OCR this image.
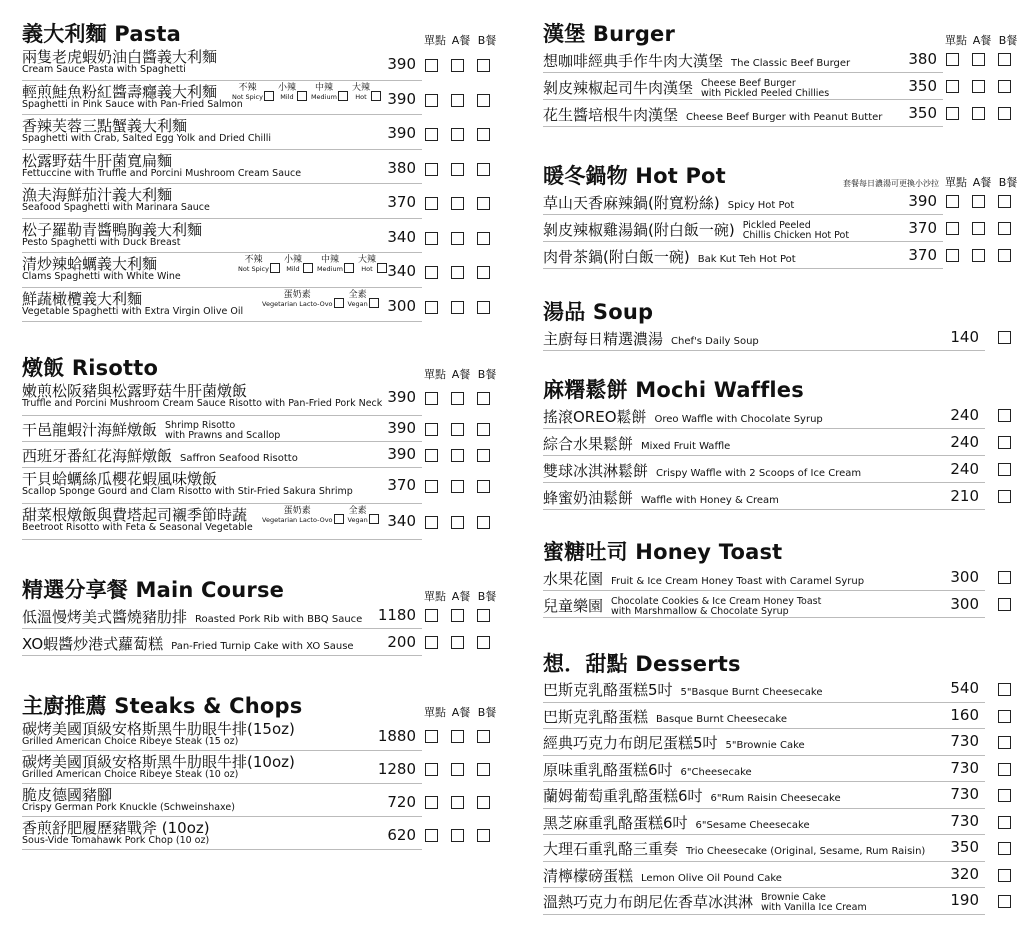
義大利麵 Pasta	單點 A餐 B餐
兩隻老虎蝦奶油白醬義大利麵
Cream Sauce Pasta with Spaghetti	390
輕煎鮭魚粉紅醬壽癮義大利麵
Spaghetti in Pink Sauce with Pan-Fried Salmon	390
不辣
Not Spicy
小辣
Mild
中辣
Medium
大辣
Hot
香辣芙蓉三點蟹義大利麵
Spaghetti with Crab, Salted Egg Yolk and Dried Chilli	390
松露野菇牛肝菌寬扁麵
Fettuccine with Truffle and Porcini Mushroom Cream Sauce	380
漁夫海鮮茄汁義大利麵
Seafood Spaghetti with Marinara Sauce	370
松子羅勒青醬鴨胸義大利麵
Pesto Spaghetti with Duck Breast	340
清炒辣蛤蠣義大利麵
Clams Spaghetti with White Wine	340
不辣
Not Spicy
小辣
Mild
中辣
Medium
大辣
Hot
鮮蔬橄欖義大利麵
Vegetable Spaghetti with Extra Virgin Olive Oil	300
蛋奶素
Vegetarian Lacto-Ovo
全素
Vegan
燉飯 Risotto	單點 A餐 B餐
嫩煎松阪豬與松露野菇牛肝菌燉飯	390
Truffle and Porcini Mushroom Cream Sauce Risotto with Pan-Fried Pork Neck
干邑龍蝦汁海鮮燉飯 Shrimp Risotto
with Prawns and Scallop	390
西班牙番紅花海鮮燉飯 Saffron Seafood Risotto	390
干貝蛤蠣絲瓜櫻花蝦風味燉飯	370
Scallop Sponge Gourd and Clam Risotto with Stir-Fried Sakura Shrimp
甜菜根燉飯與費塔起司襯季節時蔬	340
蛋奶素
Vegetarian Lacto-Ovo
全素
Vegan
Beetroot Risotto with Feta & Seasonal Vegetable
精選分享餐 Main Course	單點 A餐 B餐
低溫慢烤美式醬燒豬肋排 Roasted Pork Rib with BBQ Sauce	1180
XO蝦醬炒港式蘿蔔糕 Pan-Fried Turnip Cake with XO Sause	200
主廚推薦 Steaks & Chops	單點 A餐 B餐
碳烤美國頂級安格斯黑牛肋眼牛排(15oz)
Grilled American Choice Ribeye Steak (15 oz)	1880
碳烤美國頂級安格斯黑牛肋眼牛排(10oz)
Grilled American Choice Ribeye Steak (10 oz)	1280
脆皮德國豬腳
Crispy German Pork Knuckle (Schweinshaxe)	720
香煎舒肥履歷豬戰斧 (10oz)
Sous-Vide Tomahawk Pork Chop (10 oz)	620
漢堡 Burger	單點 A餐 B餐
想咖啡經典手作牛肉大漢堡 The Classic Beef Burger	380
剝皮辣椒起司牛肉漢堡 Cheese Beef Burger
with Pickled Peeled Chillies	350
花生醬培根牛肉漢堡 Cheese Beef Burger with Peanut Butter	350
暖冬鍋物 Hot Pot	套餐每日濃湯可更換小沙拉 單點 A餐 B餐
草山天香麻辣鍋(附寬粉絲) Spicy Hot Pot	390
剝皮辣椒雞湯鍋(附白飯一碗) Pickled Peeled
Chillis Chicken Hot Pot	370
肉骨茶鍋(附白飯一碗) Bak Kut Teh Hot Pot	370
湯品 Soup
主廚每日精選濃湯 Chef's Daily Soup	140
麻糬鬆餅 Mochi Waffles
搖滾OREO鬆餅 Oreo Waffle with Chocolate Syrup	240
綜合水果鬆餅 Mixed Fruit Waffle	240
雙球冰淇淋鬆餅 Crispy Waffle with 2 Scoops of Ice Cream	240
蜂蜜奶油鬆餅 Waffle with Honey & Cream	210
蜜糖吐司 Honey Toast
水果花園 Fruit & Ice Cream Honey Toast with Caramel Syrup	300
兒童樂園 Chocolate Cookies & Ice Cream Honey Toast
with Marshmallow & Chocolate Syrup	300
想．甜點 Desserts
巴斯克乳酪蛋糕5吋 5"Basque Burnt Cheesecake	540
巴斯克乳酪蛋糕 Basque Burnt Cheesecake	160
經典巧克力布朗尼蛋糕5吋 5"Brownie Cake	730
原味重乳酪蛋糕6吋 6"Cheesecake	730
蘭姆葡萄重乳酪蛋糕6吋 6"Rum Raisin Cheesecake	730
黑芝麻重乳酪蛋糕6吋 6"Sesame Cheesecake	730
大理石重乳酪三重奏 Trio Cheesecake (Original, Sesame, Rum Raisin)	350
清檸檬磅蛋糕 Lemon Olive Oil Pound Cake	320
溫熱巧克力布朗尼佐香草冰淇淋 Brownie Cake
with Vanilla Ice Cream	190
